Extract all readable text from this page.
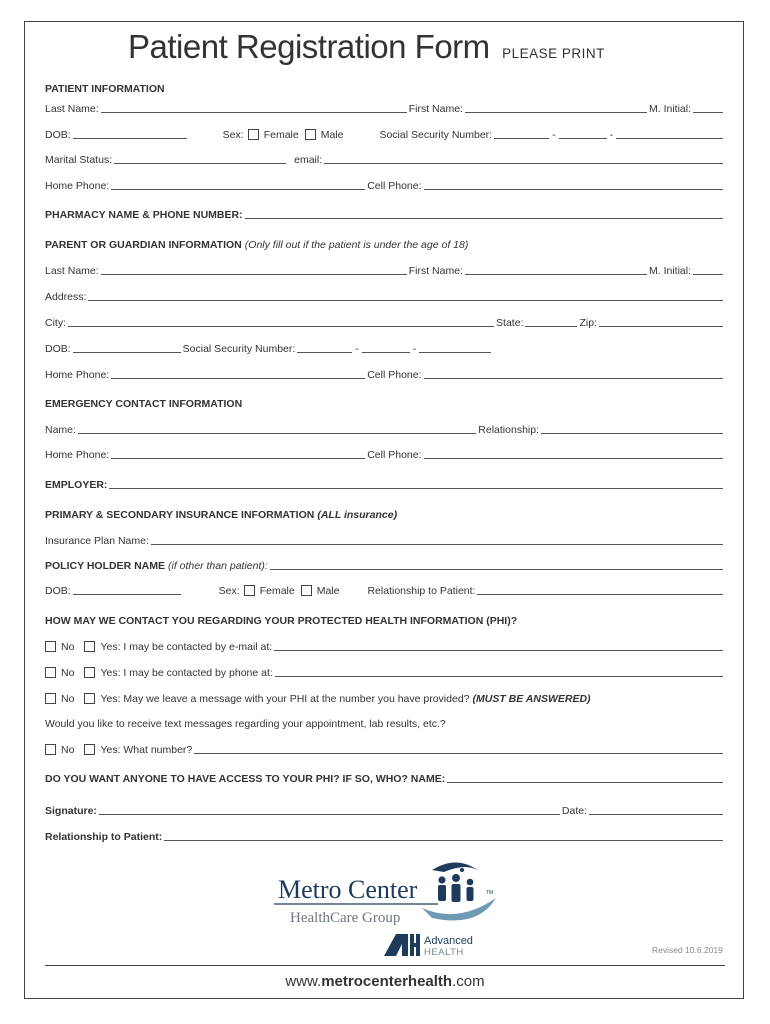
Patient Registration Form PLEASE PRINT
PATIENT INFORMATION
Last Name:	First Name:	M. Initial:
DOB:	Sex: Female Male	Social Security Number:	-	-
Marital Status:	email:
Home Phone:	Cell Phone:
PHARMACY NAME & PHONE NUMBER:
PARENT OR GUARDIAN INFORMATION (Only fill out if the patient is under the age of 18)
Last Name:	First Name:	M. Initial:
Address:
City:	State:	Zip:
DOB:	Social Security Number:	-	-
Home Phone:	Cell Phone:
EMERGENCY CONTACT INFORMATION
Name:	Relationship:
Home Phone:	Cell Phone:
EMPLOYER:
PRIMARY & SECONDARY INSURANCE INFORMATION (ALL insurance)
Insurance Plan Name:
POLICY HOLDER NAME (if other than patient):
DOB:	Sex: Female Male	Relationship to Patient:
HOW MAY WE CONTACT YOU REGARDING YOUR PROTECTED HEALTH INFORMATION (PHI)?
No Yes: I may be contacted by e-mail at:
No Yes: I may be contacted by phone at:
No Yes: May we leave a message with your PHI at the number you have provided? (MUST BE ANSWERED)
Would you like to receive text messages regarding your appointment, lab results, etc.?
No Yes: What number?
DO YOU WANT ANYONE TO HAVE ACCESS TO YOUR PHI? IF SO, WHO? NAME:
Signature:	Date:
Relationship to Patient:
Metro Center
HealthCare Group
TM
Advanced
HEALTH	Revised 10.6.2019
www.metrocenterhealth.com
